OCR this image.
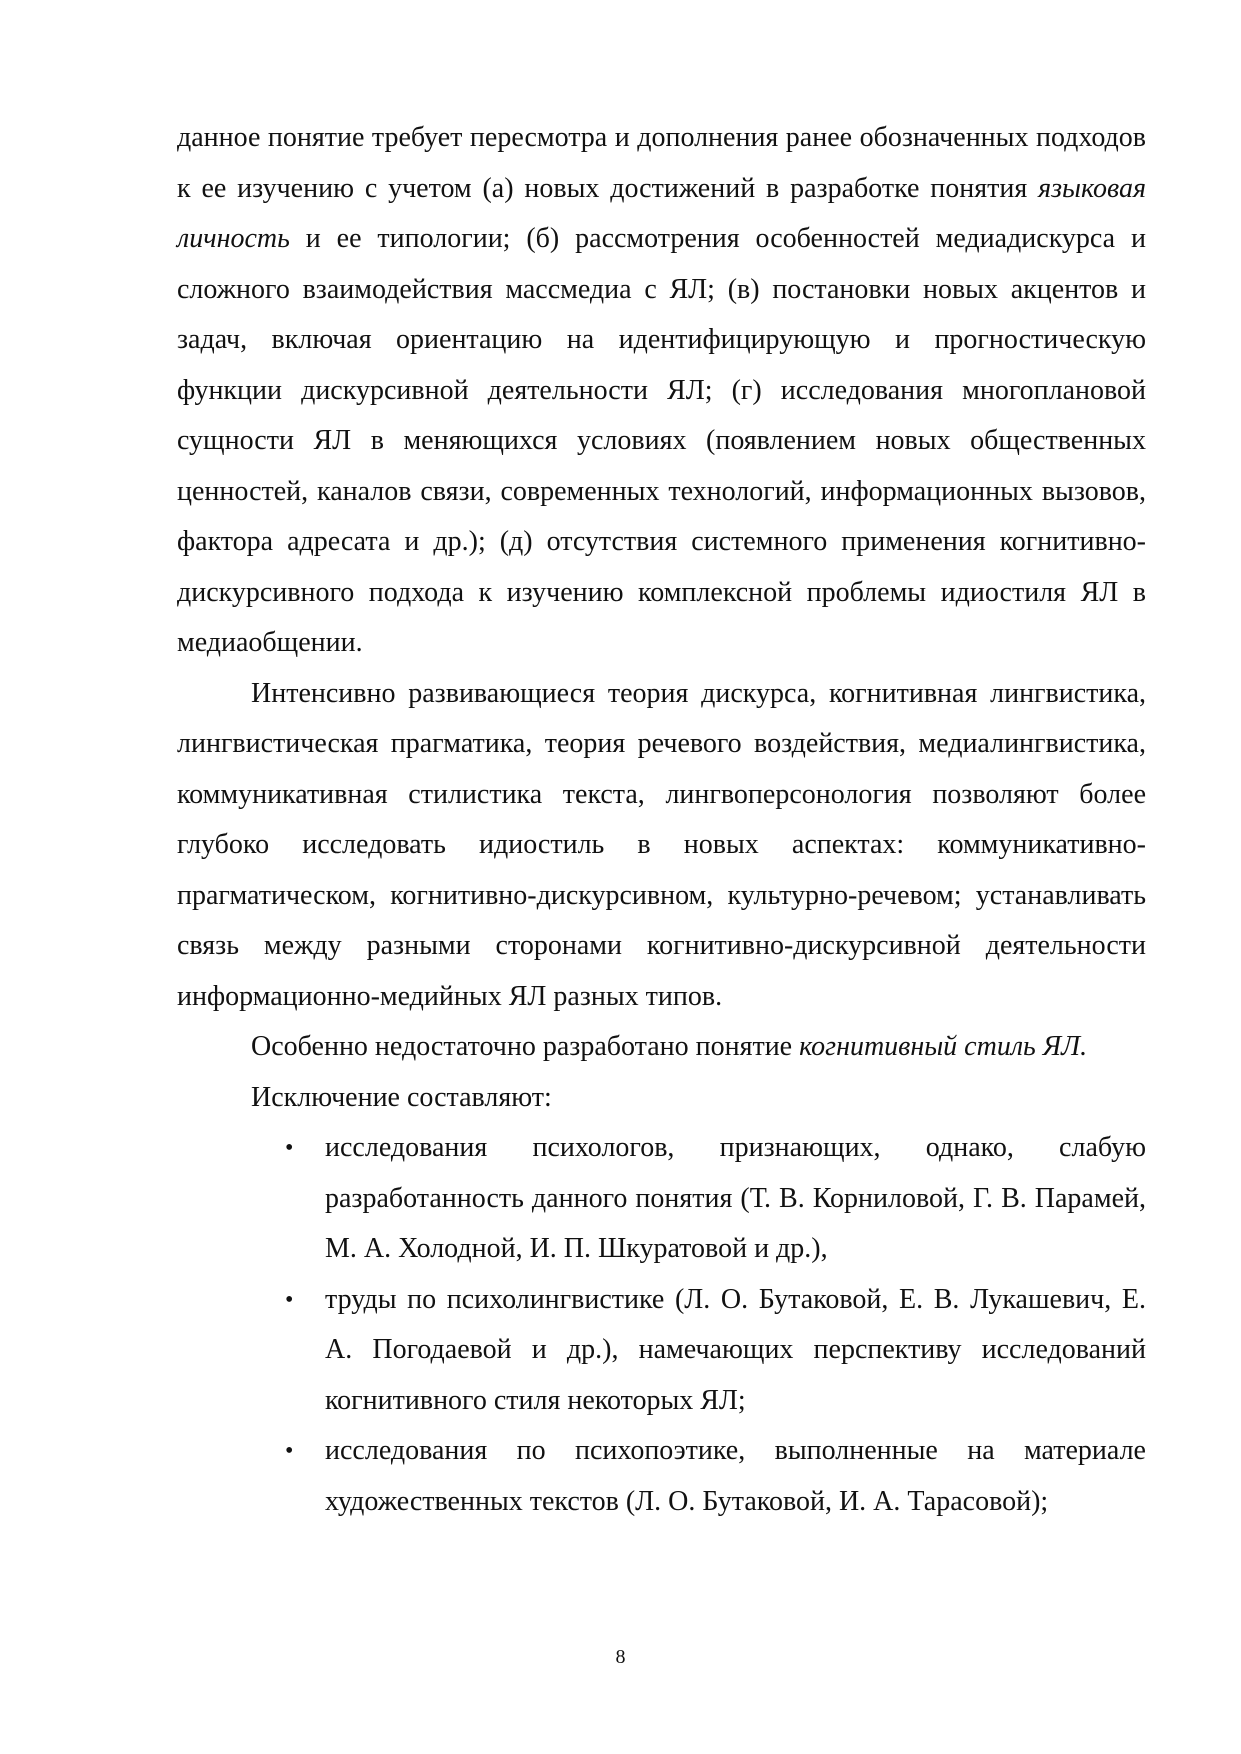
данное понятие требует пересмотра и дополнения ранее обозначенных подходов к ее изучению с учетом (а) новых достижений в разработке понятия языковая личность и ее типологии; (б) рассмотрения особенностей медиадискурса и сложного взаимодействия массмедиа с ЯЛ; (в) постановки новых акцентов и задач, включая ориентацию на идентифицирующую и прогностическую функции дискурсивной деятельности ЯЛ; (г) исследования многоплановой сущности ЯЛ в меняющихся условиях (появлением новых общественных ценностей, каналов связи, современных технологий, информационных вызовов, фактора адресата и др.); (д) отсутствия системного применения когнитивно-дискурсивного подхода к изучению комплексной проблемы идиостиля ЯЛ в медиаобщении.

Интенсивно развивающиеся теория дискурса, когнитивная лингвистика, лингвистическая прагматика, теория речевого воздействия, медиалингвистика, коммуникативная стилистика текста, лингвоперсонология позволяют более глубоко исследовать идиостиль в новых аспектах: коммуникативно-прагматическом, когнитивно-дискурсивном, культурно-речевом; устанавливать связь между разными сторонами когнитивно-дискурсивной деятельности информационно-медийных ЯЛ разных типов.

Особенно недостаточно разработано понятие когнитивный стиль ЯЛ.

Исключение составляют:

• исследования психологов, признающих, однако, слабую разработанность данного понятия (Т. В. Корниловой, Г. В. Парамей, М. А. Холодной, И. П. Шкуратовой и др.),
• труды по психолингвистике (Л. О. Бутаковой, Е. В. Лукашевич, Е. А. Погодаевой и др.), намечающих перспективу исследований когнитивного стиля некоторых ЯЛ;
• исследования по психопоэтике, выполненные на материале художественных текстов (Л. О. Бутаковой, И. А. Тарасовой);
8
